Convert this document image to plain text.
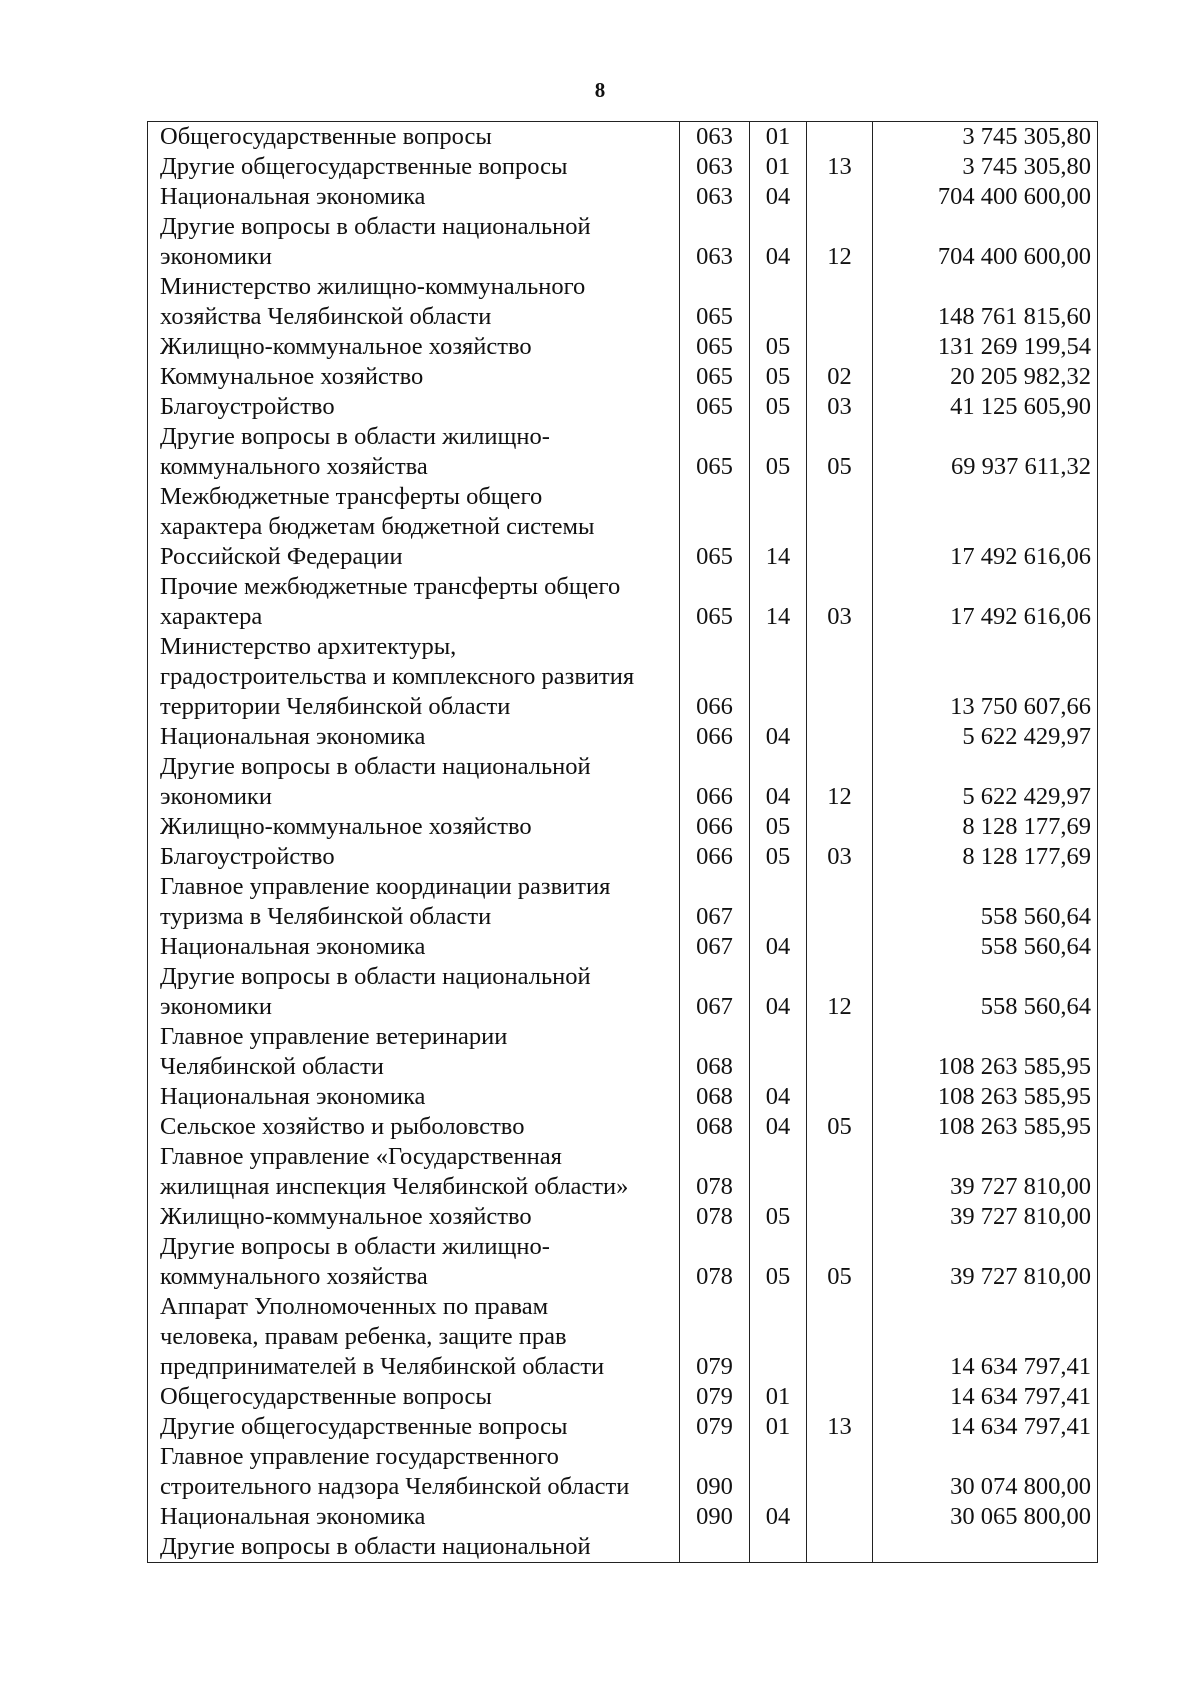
8
Общегосударственные вопросы	063	01		3 745 305,80
Другие общегосударственные вопросы	063	01	13	3 745 305,80
Национальная экономика	063	04		704 400 600,00
Другие вопросы в области национальной
экономики	063	04	12	704 400 600,00
Министерство жилищно-коммунального
хозяйства Челябинской области	065			148 761 815,60
Жилищно-коммунальное хозяйство	065	05		131 269 199,54
Коммунальное хозяйство	065	05	02	20 205 982,32
Благоустройство	065	05	03	41 125 605,90
Другие вопросы в области жилищно-
коммунального хозяйства	065	05	05	69 937 611,32
Межбюджетные трансферты общего
характера бюджетам бюджетной системы
Российской Федерации	065	14		17 492 616,06
Прочие межбюджетные трансферты общего
характера	065	14	03	17 492 616,06
Министерство архитектуры,
градостроительства и комплексного развития
территории Челябинской области	066			13 750 607,66
Национальная экономика	066	04		5 622 429,97
Другие вопросы в области национальной
экономики	066	04	12	5 622 429,97
Жилищно-коммунальное хозяйство	066	05		8 128 177,69
Благоустройство	066	05	03	8 128 177,69
Главное управление координации развития
туризма в Челябинской области	067			558 560,64
Национальная экономика	067	04		558 560,64
Другие вопросы в области национальной
экономики	067	04	12	558 560,64
Главное управление ветеринарии
Челябинской области	068			108 263 585,95
Национальная экономика	068	04		108 263 585,95
Сельское хозяйство и рыболовство	068	04	05	108 263 585,95
Главное управление «Государственная
жилищная инспекция Челябинской области»	078			39 727 810,00
Жилищно-коммунальное хозяйство	078	05		39 727 810,00
Другие вопросы в области жилищно-
коммунального хозяйства	078	05	05	39 727 810,00
Аппарат Уполномоченных по правам
человека, правам ребенка, защите прав
предпринимателей в Челябинской области	079			14 634 797,41
Общегосударственные вопросы	079	01		14 634 797,41
Другие общегосударственные вопросы	079	01	13	14 634 797,41
Главное управление государственного
строительного надзора Челябинской области	090			30 074 800,00
Национальная экономика	090	04		30 065 800,00
Другие вопросы в области национальной				
